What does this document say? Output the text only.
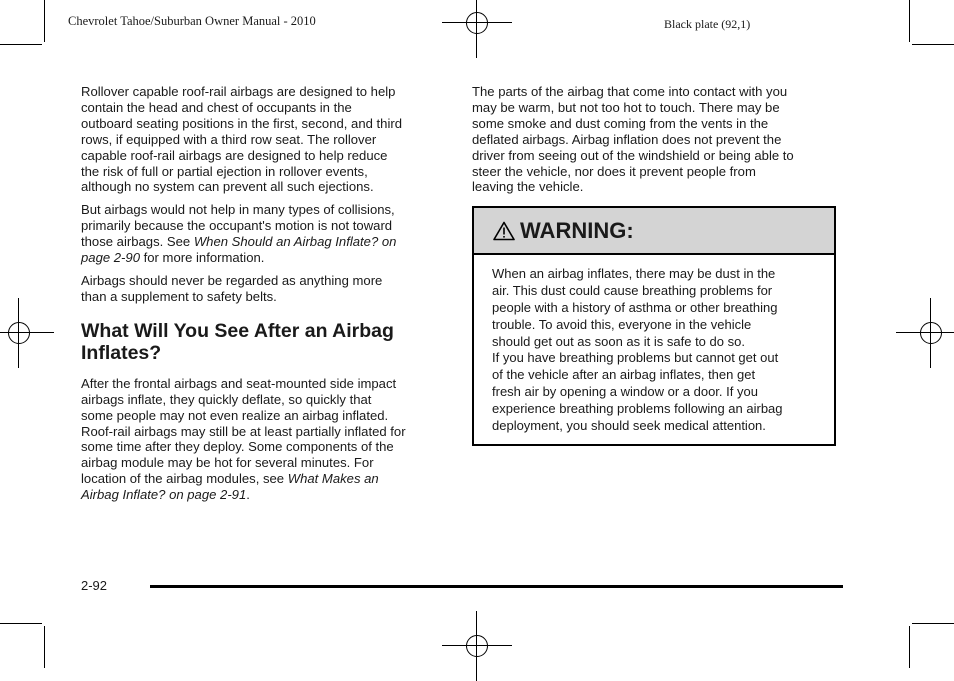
Chevrolet Tahoe/Suburban Owner Manual - 2010	Black plate (92,1)

Rollover capable roof-rail airbags are designed to help
contain the head and chest of occupants in the
outboard seating positions in the first, second, and third
rows, if equipped with a third row seat. The rollover
capable roof-rail airbags are designed to help reduce
the risk of full or partial ejection in rollover events,
although no system can prevent all such ejections.

But airbags would not help in many types of collisions,
primarily because the occupant's motion is not toward
those airbags. See When Should an Airbag Inflate? on
page 2-90 for more information.

Airbags should never be regarded as anything more
than a supplement to safety belts.

What Will You See After an Airbag
Inflates?

After the frontal airbags and seat-mounted side impact
airbags inflate, they quickly deflate, so quickly that
some people may not even realize an airbag inflated.
Roof-rail airbags may still be at least partially inflated for
some time after they deploy. Some components of the
airbag module may be hot for several minutes. For
location of the airbag modules, see What Makes an
Airbag Inflate? on page 2-91.

The parts of the airbag that come into contact with you
may be warm, but not too hot to touch. There may be
some smoke and dust coming from the vents in the
deflated airbags. Airbag inflation does not prevent the
driver from seeing out of the windshield or being able to
steer the vehicle, nor does it prevent people from
leaving the vehicle.

WARNING:
When an airbag inflates, there may be dust in the
air. This dust could cause breathing problems for
people with a history of asthma or other breathing
trouble. To avoid this, everyone in the vehicle
should get out as soon as it is safe to do so.
If you have breathing problems but cannot get out
of the vehicle after an airbag inflates, then get
fresh air by opening a window or a door. If you
experience breathing problems following an airbag
deployment, you should seek medical attention.
2-92
